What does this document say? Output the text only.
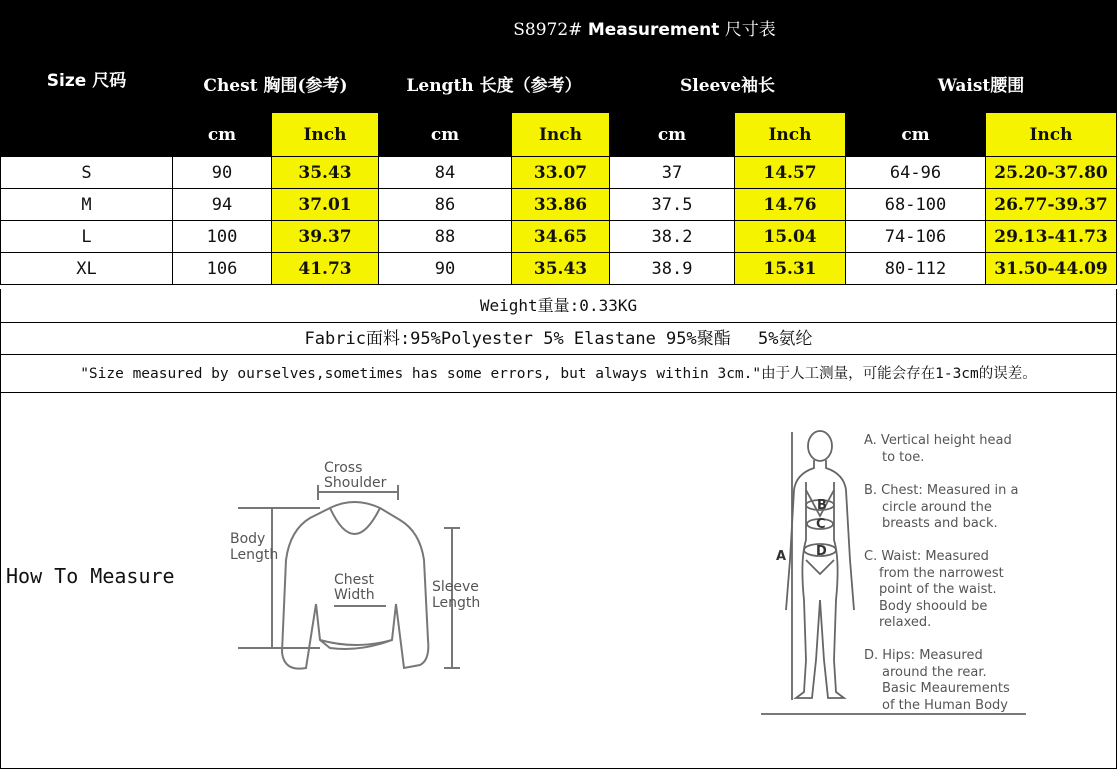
Size 尺码	S8972# Measurement 尺寸表							
	Chest 胸围(参考)		Length 长度（参考）		Sleeve袖长		Waist腰围	
	cm	Inch	cm	Inch	cm	Inch	cm	Inch
S	90	35.43	84	33.07	37	14.57	64-96	25.20-37.80
M	94	37.01	86	33.86	37.5	14.76	68-100	26.77-39.37
L	100	39.37	88	34.65	38.2	15.04	74-106	29.13-41.73
XL	106	41.73	90	35.43	38.9	15.31	80-112	31.50-44.09
Weight重量:0.33KG
Fabric面料:95%Polyester 5% Elastane 95%聚酯　 5%氨纶
"Size measured by ourselves,sometimes has some errors, but always within 3cm."由于人工测量，可能会存在1-3cm的误差。
How To Measure
Cross
Shoulder
Body
Length
Chest
Width	Sleeve
Length
B
C
D
A
A. Vertical height head
to toe.
B. Chest: Measured in a
circle around the
breasts and back.
C. Waist: Measured
from the narrowest
point of the waist.
Body shoould be
relaxed.
D. Hips: Measured
around the rear.
Basic Meaurements
of the Human Body
